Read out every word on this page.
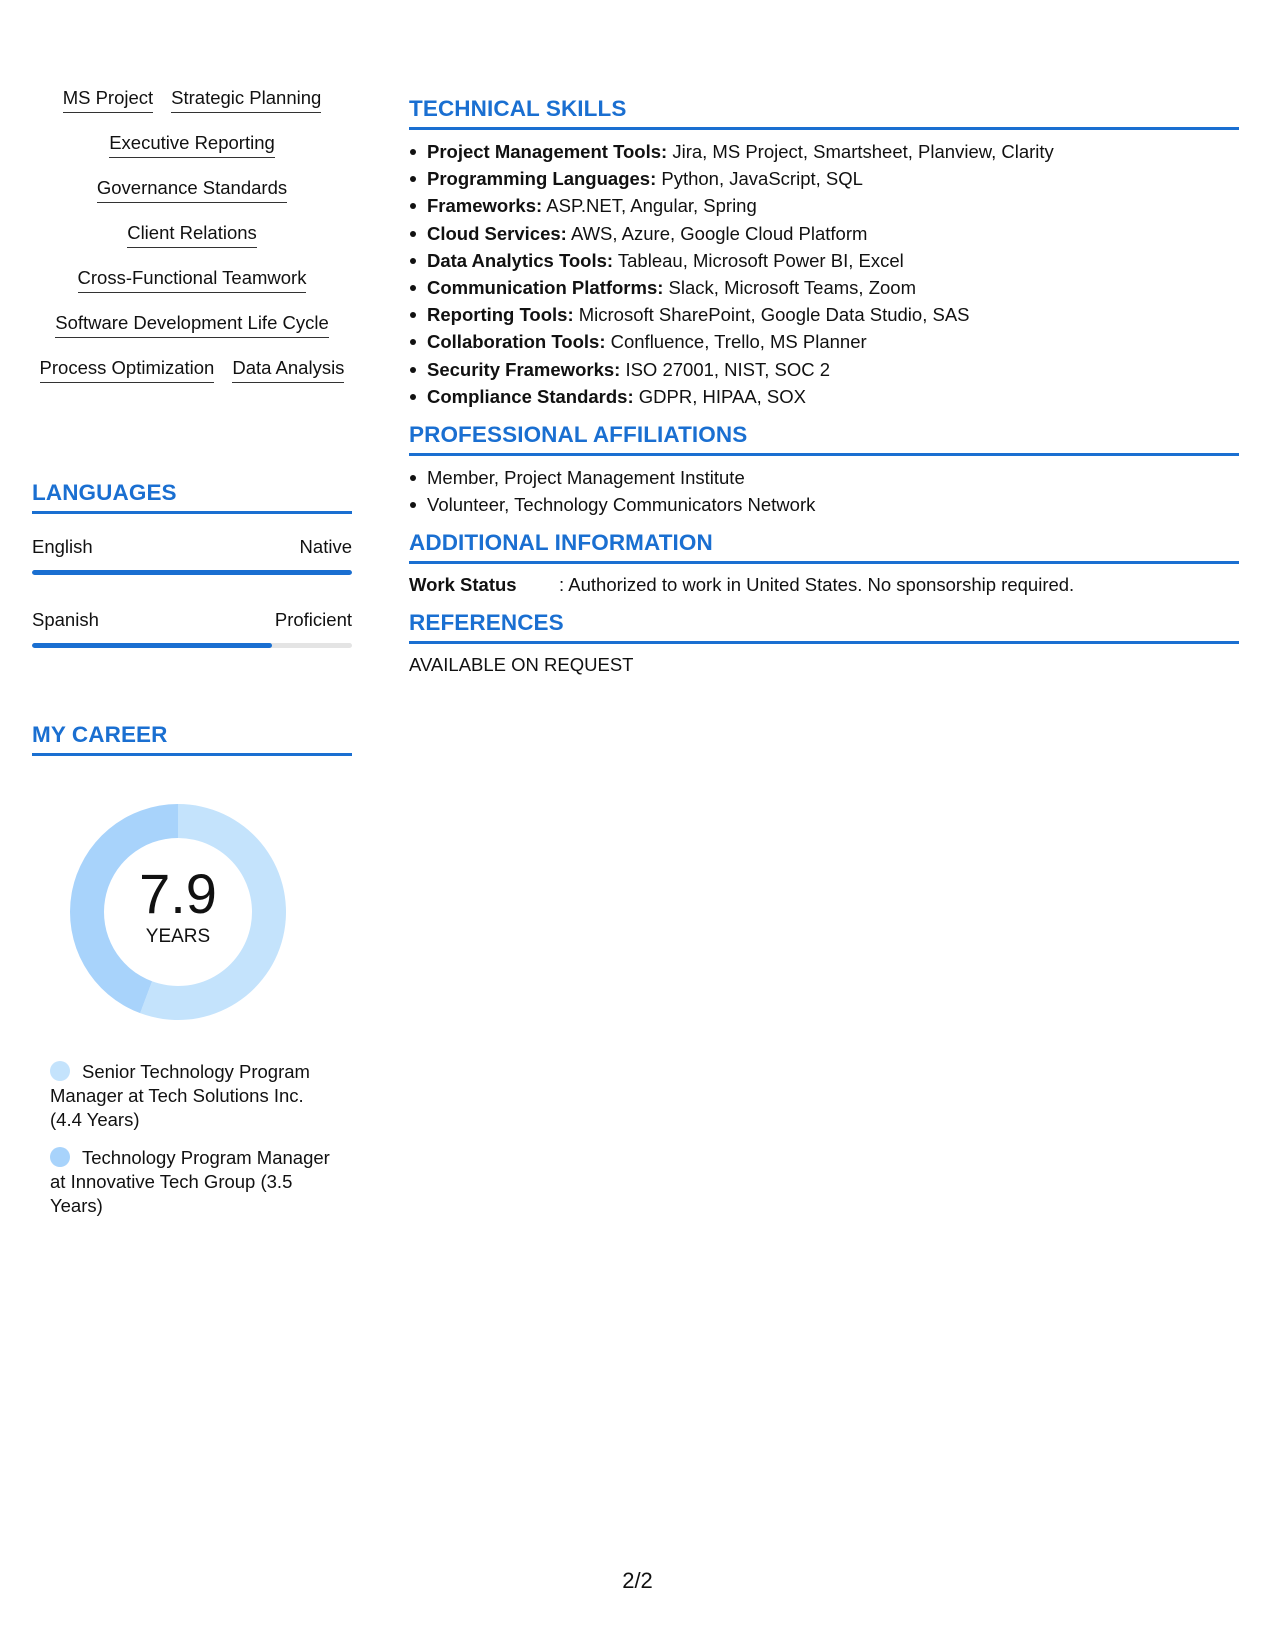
MS Project Strategic Planning
Executive Reporting
Governance Standards
Client Relations
Cross-Functional Teamwork
Software Development Life Cycle
Process Optimization Data Analysis
LANGUAGES
English	Native
Spanish	Proficient
MY CAREER
7.9
YEARS
Senior Technology Program Manager at Tech Solutions Inc. (4.4 Years)
Technology Program Manager at Innovative Tech Group (3.5 Years)
TECHNICAL SKILLS
Project Management Tools: Jira, MS Project, Smartsheet, Planview, Clarity
Programming Languages: Python, JavaScript, SQL
Frameworks: ASP.NET, Angular, Spring
Cloud Services: AWS, Azure, Google Cloud Platform
Data Analytics Tools: Tableau, Microsoft Power BI, Excel
Communication Platforms: Slack, Microsoft Teams, Zoom
Reporting Tools: Microsoft SharePoint, Google Data Studio, SAS
Collaboration Tools: Confluence, Trello, MS Planner
Security Frameworks: ISO 27001, NIST, SOC 2
Compliance Standards: GDPR, HIPAA, SOX
PROFESSIONAL AFFILIATIONS
Member, Project Management Institute
Volunteer, Technology Communicators Network
ADDITIONAL INFORMATION
Work Status	: Authorized to work in United States. No sponsorship required.
REFERENCES
AVAILABLE ON REQUEST
2/2
